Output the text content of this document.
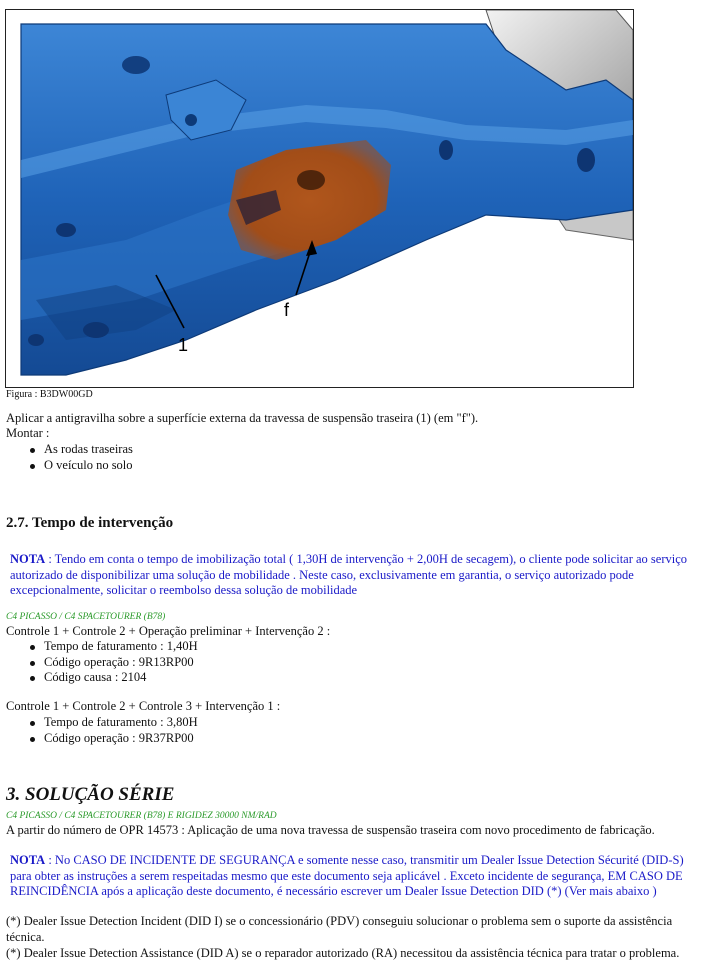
1
f
Figura : B3DW00GD
Aplicar a antigravilha sobre a superfície externa da travessa de suspensão traseira (1) (em "f").
Montar :
As rodas traseiras
O veículo no solo
2.7. Tempo de intervenção
NOTA : Tendo em conta o tempo de imobilização total ( 1,30H de intervenção + 2,00H de secagem), o cliente pode solicitar ao serviço
autorizado de disponibilizar uma solução de mobilidade . Neste caso, exclusivamente em garantia, o serviço autorizado pode
excepcionalmente, solicitar o reembolso dessa solução de mobilidade
C4 PICASSO / C4 SPACETOURER (B78)
Controle 1 + Controle 2 + Operação preliminar + Intervenção 2 :
Tempo de faturamento : 1,40H
Código operação : 9R13RP00
Código causa : 2104
Controle 1 + Controle 2 + Controle 3 + Intervenção 1 :
Tempo de faturamento : 3,80H
Código operação : 9R37RP00
3. SOLUÇÃO SÉRIE
C4 PICASSO / C4 SPACETOURER (B78) E RIGIDEZ 30000 NM/RAD
A partir do número de OPR 14573 : Aplicação de uma nova travessa de suspensão traseira com novo procedimento de fabricação.
NOTA : No CASO DE INCIDENTE DE SEGURANÇA e somente nesse caso, transmitir um Dealer Issue Detection Sécurité (DID-S)
para obter as instruções a serem respeitadas mesmo que este documento seja aplicável . Exceto incidente de segurança, EM CASO DE
REINCIDÊNCIA após a aplicação deste documento, é necessário escrever um Dealer Issue Detection DID (*) (Ver mais abaixo )
(*) Dealer Issue Detection Incident (DID I) se o concessionário (PDV) conseguiu solucionar o problema sem o suporte da assistência
técnica.
(*) Dealer Issue Detection Assistance (DID A) se o reparador autorizado (RA) necessitou da assistência técnica para tratar o problema.
